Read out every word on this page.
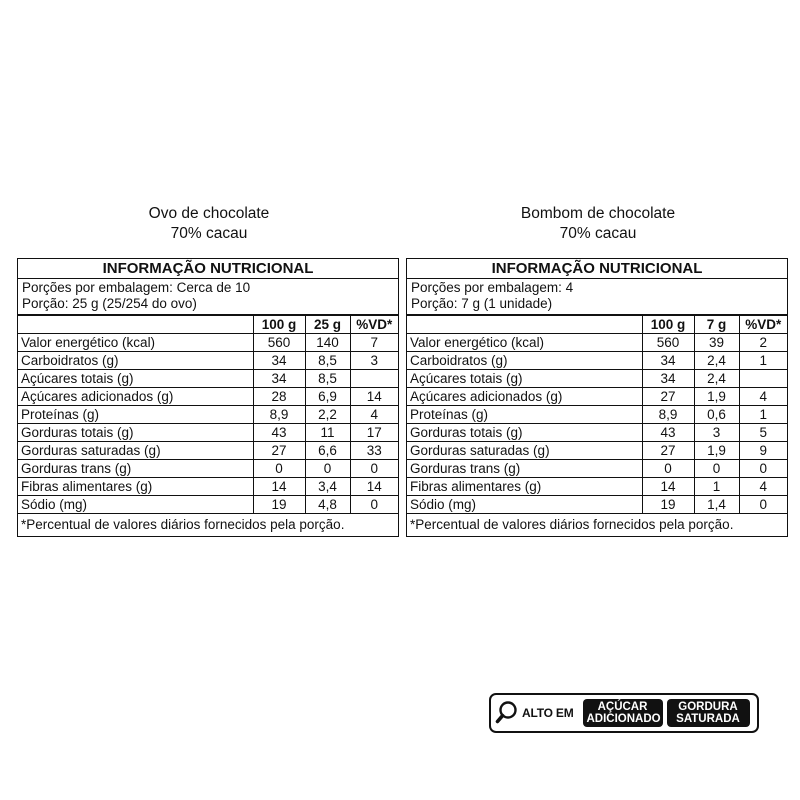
Ovo de chocolate
70% cacau
INFORMAÇÃO NUTRICIONAL
Porções por embalagem: Cerca de 10
Porção: 25 g (25/254 do ovo)
	100 g	25 g	%VD*
Valor energético (kcal)	560	140	7
Carboidratos (g)	34	8,5	3
Açúcares totais (g)	34	8,5	
Açúcares adicionados (g)	28	6,9	14
Proteínas (g)	8,9	2,2	4
Gorduras totais (g)	43	11	17
Gorduras saturadas (g)	27	6,6	33
Gorduras trans (g)	0	0	0
Fibras alimentares (g)	14	3,4	14
Sódio (mg)	19	4,8	0
*Percentual de valores diários fornecidos pela porção.
Bombom de chocolate
70% cacau
INFORMAÇÃO NUTRICIONAL
Porções por embalagem: 4
Porção: 7 g (1 unidade)
	100 g	7 g	%VD*
Valor energético (kcal)	560	39	2
Carboidratos (g)	34	2,4	1
Açúcares totais (g)	34	2,4	
Açúcares adicionados (g)	27	1,9	4
Proteínas (g)	8,9	0,6	1
Gorduras totais (g)	43	3	5
Gorduras saturadas (g)	27	1,9	9
Gorduras trans (g)	0	0	0
Fibras alimentares (g)	14	1	4
Sódio (mg)	19	1,4	0
*Percentual de valores diários fornecidos pela porção.
ALTO EM	AÇÚCAR
ADICIONADO
GORDURA
SATURADA
